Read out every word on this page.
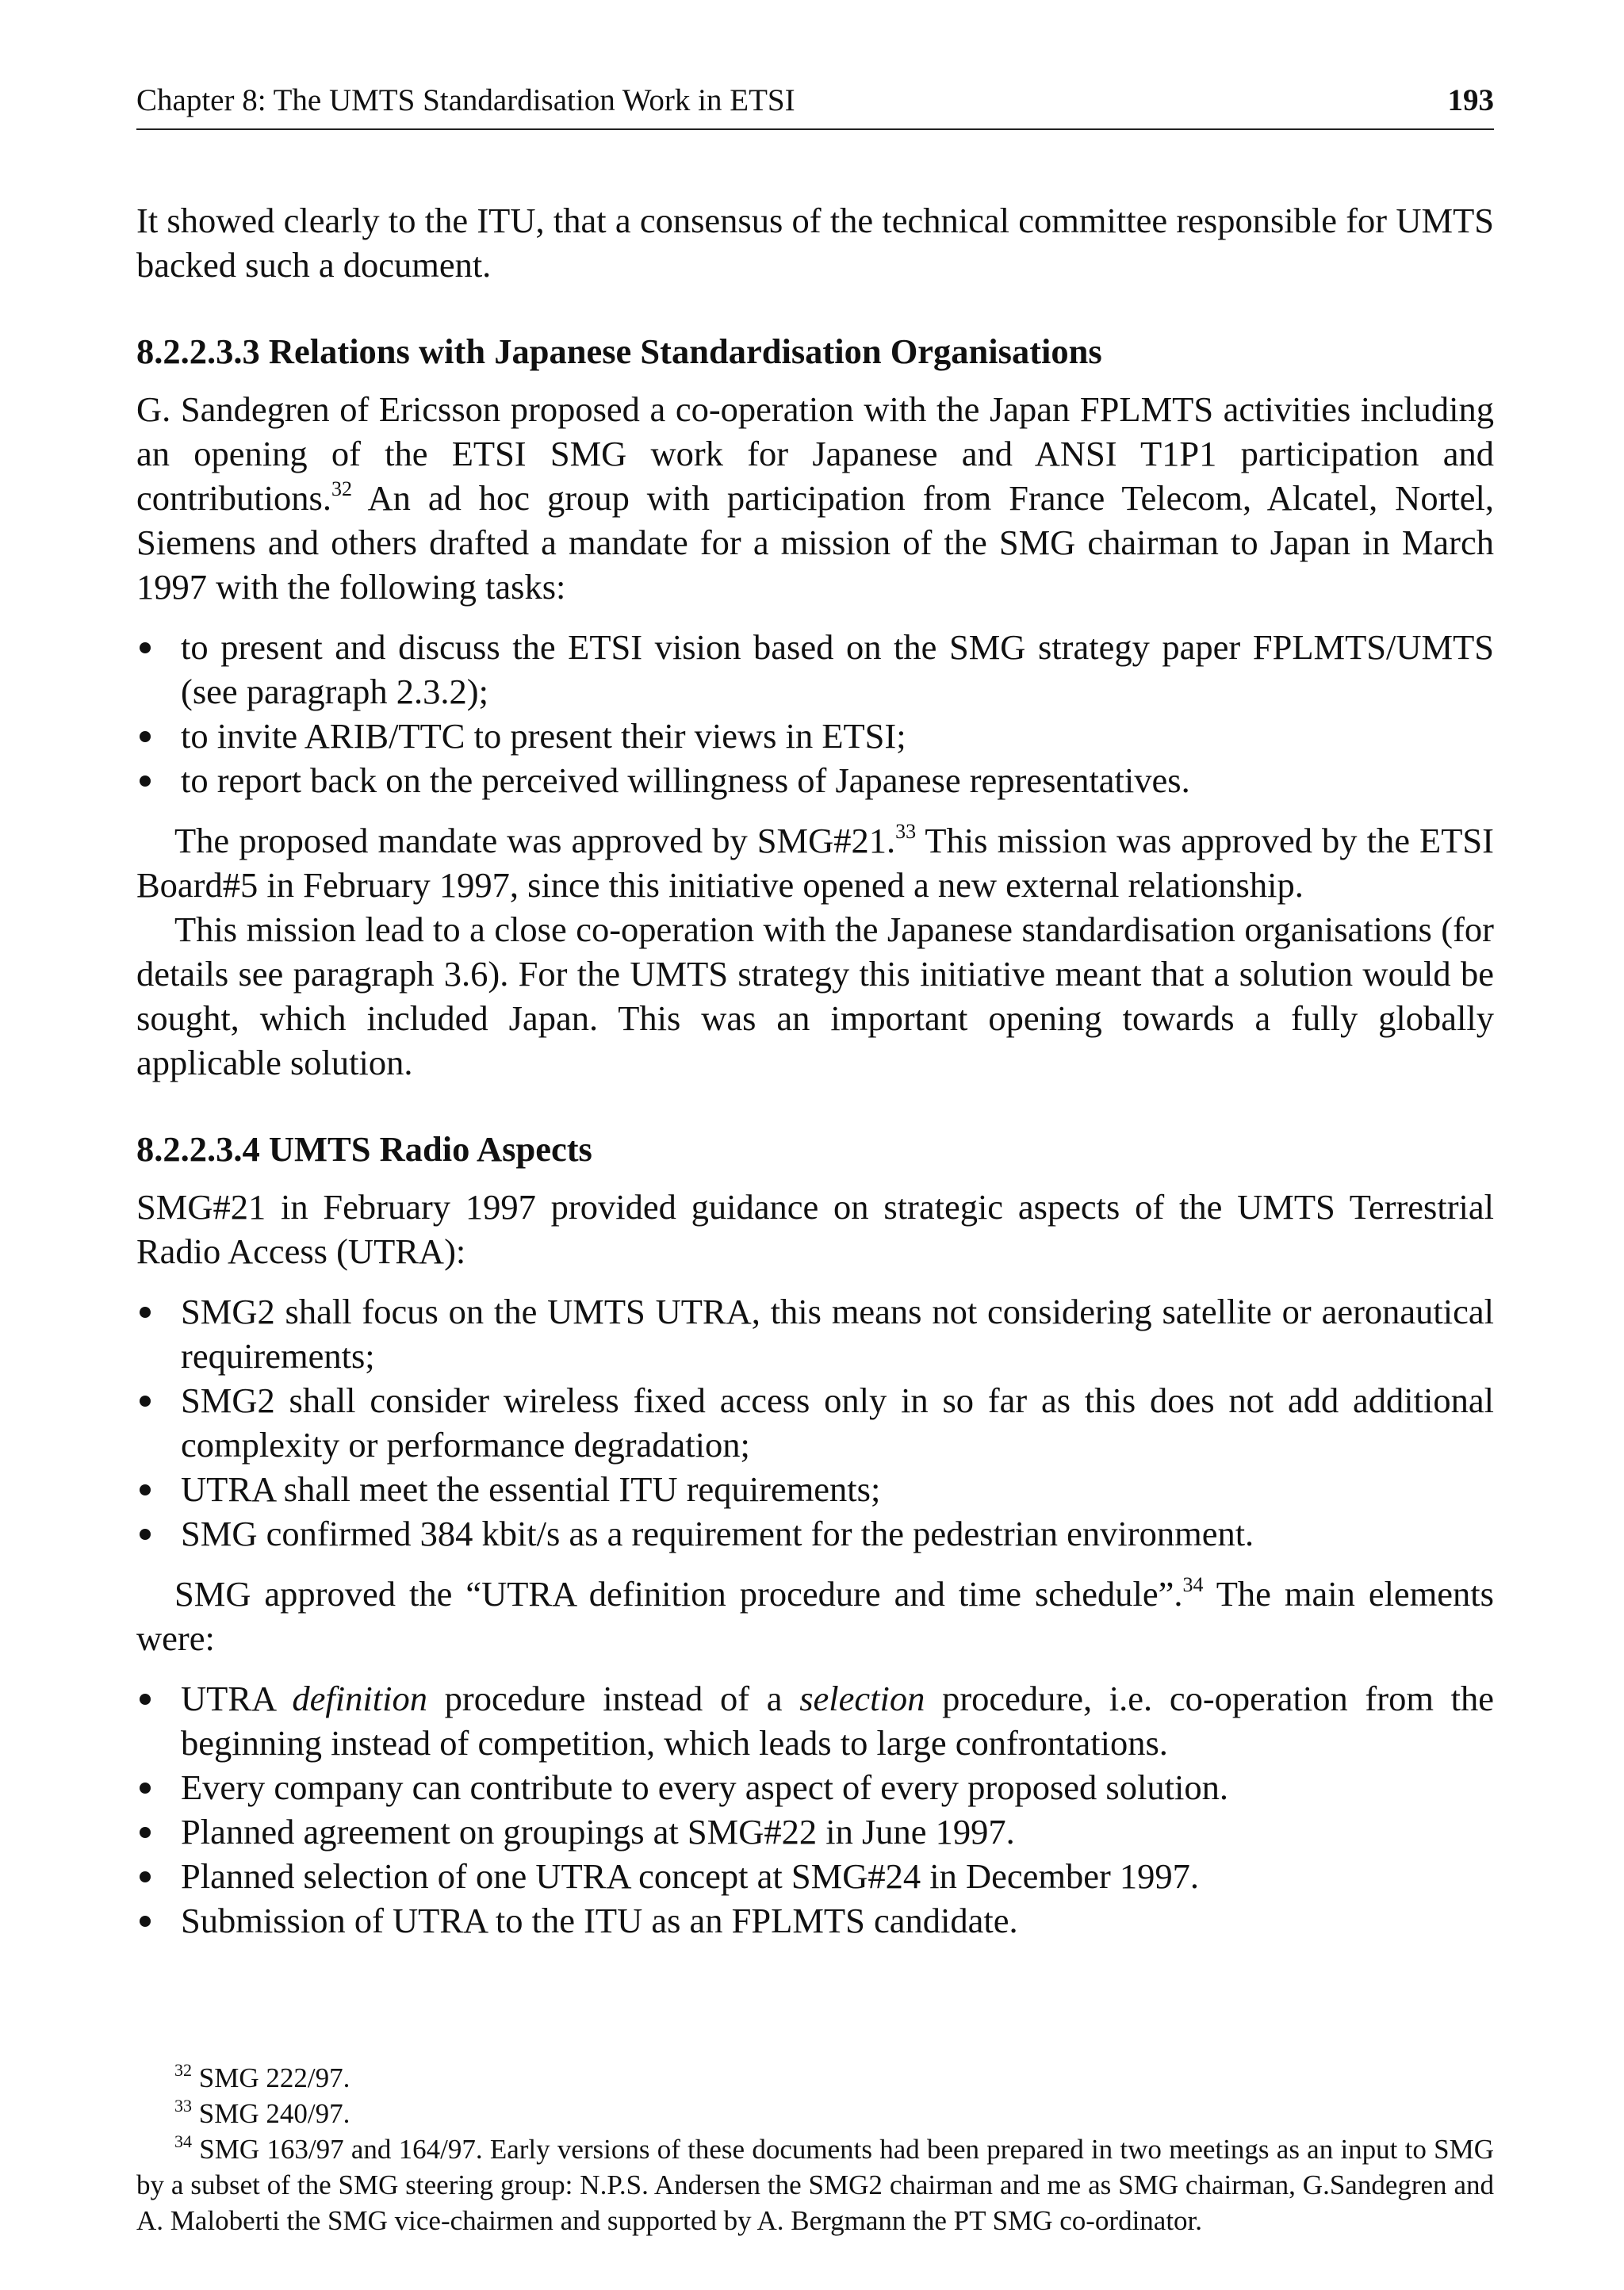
Chapter 8: The UMTS Standardisation Work in ETSI	193

It showed clearly to the ITU, that a consensus of the technical committee responsible for UMTS backed such a document.

8.2.2.3.3 Relations with Japanese Standardisation Organisations

G. Sandegren of Ericsson proposed a co-operation with the Japan FPLMTS activities including an opening of the ETSI SMG work for Japanese and ANSI T1P1 participation and contributions.$^{32}$ An ad hoc group with participation from France Telecom, Alcatel, Nortel, Siemens and others drafted a mandate for a mission of the SMG chairman to Japan in March 1997 with the following tasks:

to present and discuss the ETSI vision based on the SMG strategy paper FPLMTS/UMTS (see paragraph 2.3.2);
to invite ARIB/TTC to present their views in ETSI;
to report back on the perceived willingness of Japanese representatives.

The proposed mandate was approved by SMG#21.33 This mission was approved by the ETSI Board#5 in February 1997, since this initiative opened a new external relationship.

This mission lead to a close co-operation with the Japanese standardisation organisations (for details see paragraph 3.6). For the UMTS strategy this initiative meant that a solution would be sought, which included Japan. This was an important opening towards a fully globally applicable solution.

8.2.2.3.4 UMTS Radio Aspects

SMG#21 in February 1997 provided guidance on strategic aspects of the UMTS Terrestrial Radio Access (UTRA):

SMG2 shall focus on the UMTS UTRA, this means not considering satellite or aeronautical requirements;
SMG2 shall consider wireless fixed access only in so far as this does not add additional complexity or performance degradation;
UTRA shall meet the essential ITU requirements;
SMG confirmed 384 kbit/s as a requirement for the pedestrian environment.

SMG approved the “UTRA definition procedure and time schedule”.$^{34}$ The main elements were:

UTRA definition procedure instead of a selection procedure, i.e. co-operation from the beginning instead of competition, which leads to large confrontations.
Every company can contribute to every aspect of every proposed solution.
Planned agreement on groupings at SMG#22 in June 1997.
Planned selection of one UTRA concept at SMG#24 in December 1997.
Submission of UTRA to the ITU as an FPLMTS candidate.

$^{32}$ SMG 222/97.

$^{33}$ SMG 240/97.

$^{34}$ SMG 163/97 and 164/97. Early versions of these documents had been prepared in two meetings as an input to SMG by a subset of the SMG steering group: N.P.S. Andersen the SMG2 chairman and me as SMG chairman, G.Sandegren and A. Maloberti the SMG vice-chairmen and supported by A. Bergmann the PT SMG co-ordinator.
